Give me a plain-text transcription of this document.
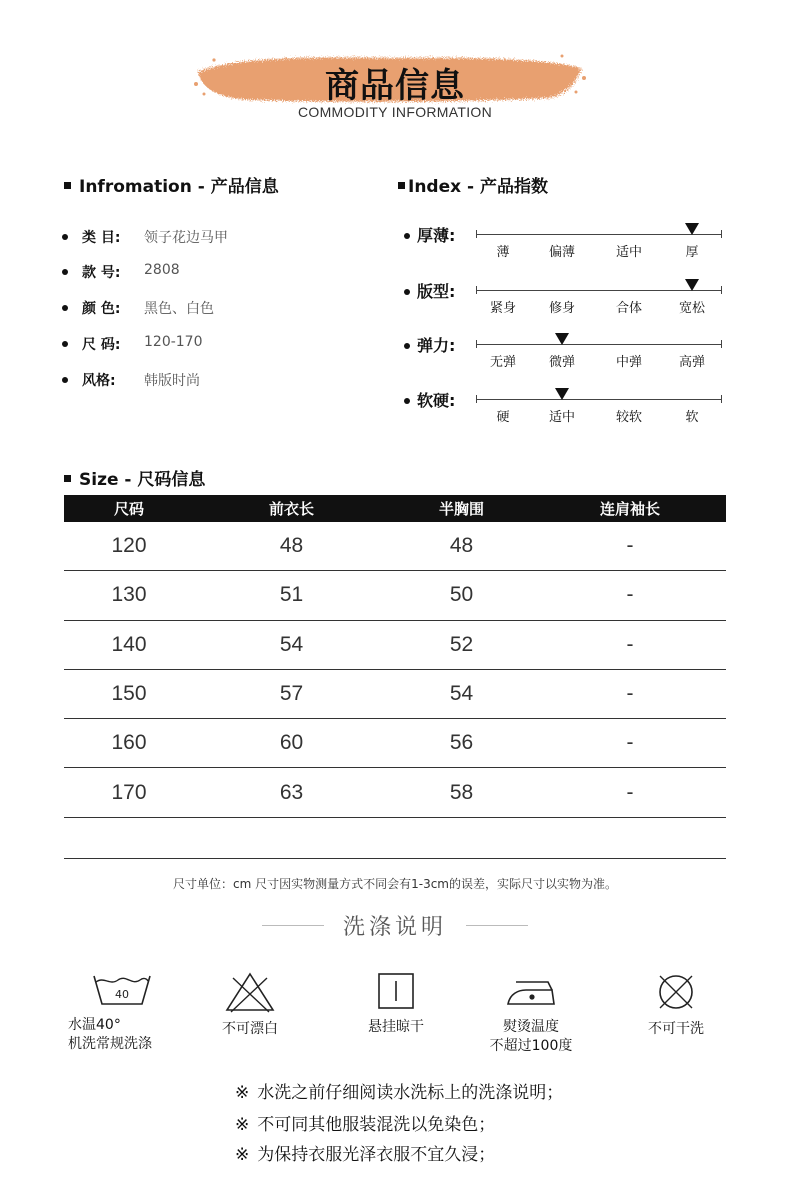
商品信息
COMMODITY INFORMATION
Infromation - 产品信息
类 目: 领子花边马甲
款 号: 2808
颜 色: 黑色、白色
尺 码: 120-170
风格: 韩版时尚
Index - 产品指数
厚薄:
薄	偏薄	适中	厚
版型:
紧身	修身	合体	宽松
弹力:
无弹	微弹	中弹	高弹
软硬:
硬	适中	较软	软
Size - 尺码信息
尺码	前衣长	半胸围	连肩袖长
120	48	48	-
130	51	50	-
140	54	52	-
150	57	54	-
160	60	56	-
170	63	58	-
尺寸单位：cm 尺寸因实物测量方式不同会有1-3cm的误差，实际尺寸以实物为准。
洗涤说明
40
水温40°
机洗常规洗涤
不可漂白	悬挂晾干	熨烫温度
不超过100度
不可干洗
※ 水洗之前仔细阅读水洗标上的洗涤说明；
※ 不可同其他服装混洗以免染色；
※ 为保持衣服光泽衣服不宜久浸；
